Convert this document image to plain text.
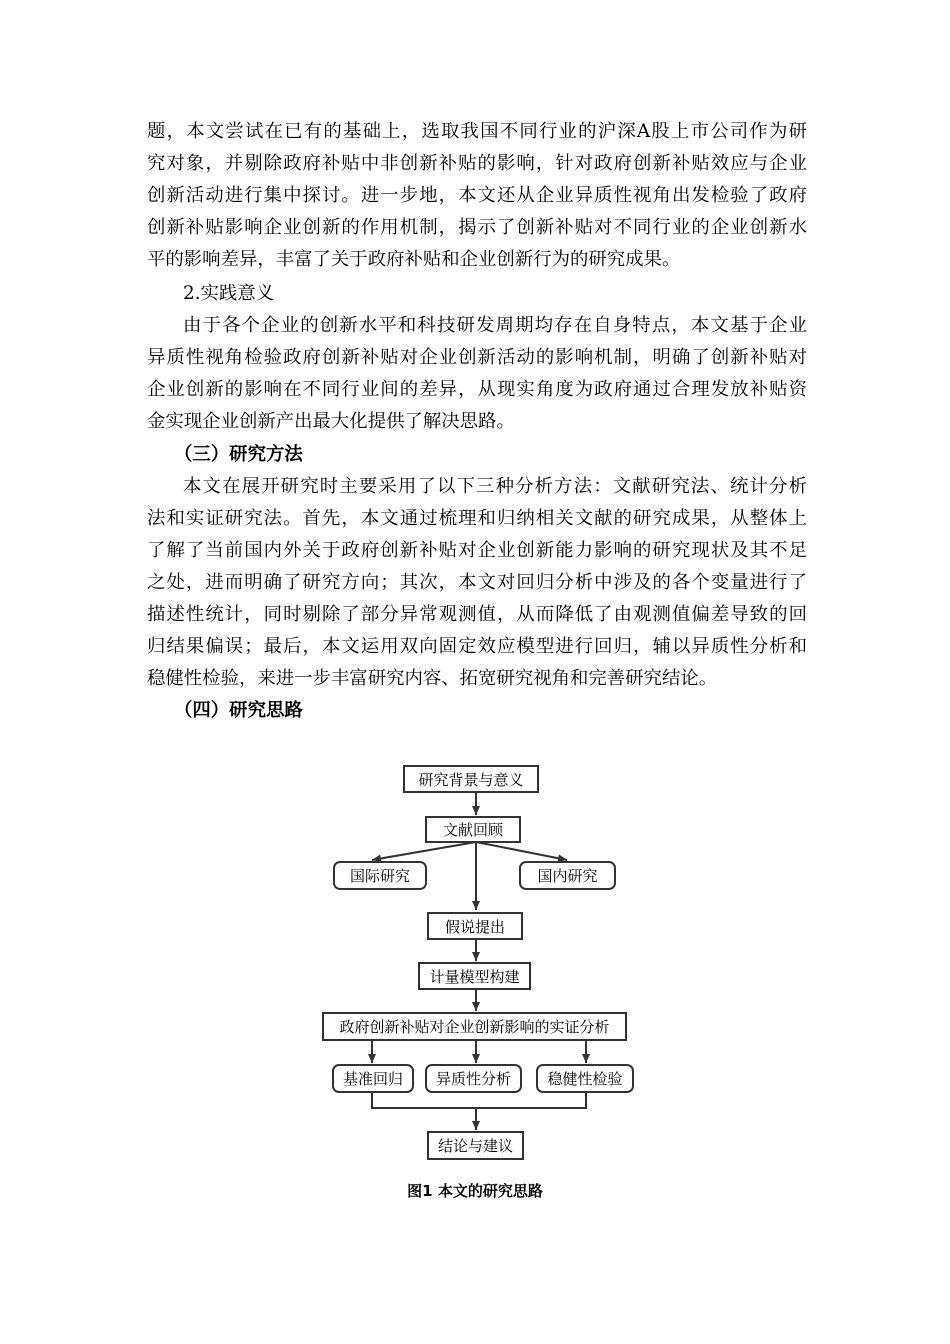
题，本文尝试在已有的基础上，选取我国不同行业的沪深A股上市公司作为研
究对象，并剔除政府补贴中非创新补贴的影响，针对政府创新补贴效应与企业
创新活动进行集中探讨。进一步地，本文还从企业异质性视角出发检验了政府
创新补贴影响企业创新的作用机制，揭示了创新补贴对不同行业的企业创新水
平的影响差异，丰富了关于政府补贴和企业创新行为的研究成果。
2.实践意义
由于各个企业的创新水平和科技研发周期均存在自身特点，本文基于企业
异质性视角检验政府创新补贴对企业创新活动的影响机制，明确了创新补贴对
企业创新的影响在不同行业间的差异，从现实角度为政府通过合理发放补贴资
金实现企业创新产出最大化提供了解决思路。
（三）研究方法
本文在展开研究时主要采用了以下三种分析方法：文献研究法、统计分析
法和实证研究法。首先，本文通过梳理和归纳相关文献的研究成果，从整体上
了解了当前国内外关于政府创新补贴对企业创新能力影响的研究现状及其不足
之处，进而明确了研究方向；其次，本文对回归分析中涉及的各个变量进行了
描述性统计，同时剔除了部分异常观测值，从而降低了由观测值偏差导致的回
归结果偏误；最后，本文运用双向固定效应模型进行回归，辅以异质性分析和
稳健性检验，来进一步丰富研究内容、拓宽研究视角和完善研究结论。
（四）研究思路
研究背景与意义
文献回顾
国际研究	国内研究
假说提出
计量模型构建
政府创新补贴对企业创新影响的实证分析
基准回归	异质性分析	稳健性检验
结论与建议
图1 本文的研究思路
